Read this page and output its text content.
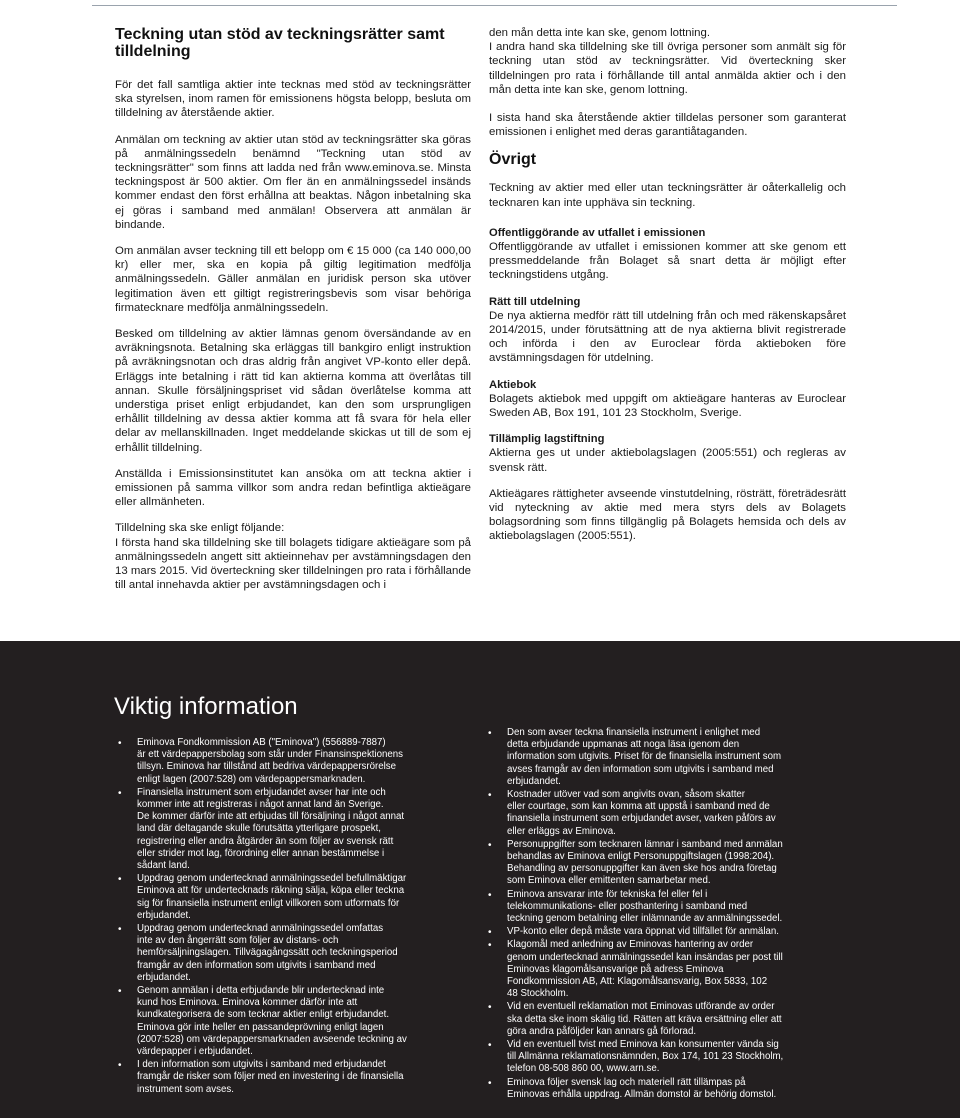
Teckning utan stöd av teckningsrätter samt tilldelning

För det fall samtliga aktier inte tecknas med stöd av teckningsrätter ska styrelsen, inom ramen för emissionens högsta belopp, besluta om tilldelning av återstående aktier.

Anmälan om teckning av aktier utan stöd av teckningsrätter ska göras på anmälningssedeln benämnd "Teckning utan stöd av teckningsrätter" som finns att ladda ned från www.eminova.se. Minsta teckningspost är 500 aktier. Om fler än en anmälningssedel insänds kommer endast den först erhållna att beaktas. Någon inbetalning ska ej göras i samband med anmälan! Observera att anmälan är bindande.

Om anmälan avser teckning till ett belopp om € 15 000 (ca 140 000,00 kr) eller mer, ska en kopia på giltig legitimation medfölja anmälningssedeln. Gäller anmälan en juridisk person ska utöver legitimation även ett giltigt registreringsbevis som visar behöriga firmatecknare medfölja anmälningssedeln.

Besked om tilldelning av aktier lämnas genom översändande av en avräkningsnota. Betalning ska erläggas till bankgiro enligt instruktion på avräkningsnotan och dras aldrig från angivet VP-konto eller depå. Erläggs inte betalning i rätt tid kan aktierna komma att överlåtas till annan. Skulle försäljningspriset vid sådan överlåtelse komma att understiga priset enligt erbjudandet, kan den som ursprungligen erhållit tilldelning av dessa aktier komma att få svara för hela eller delar av mellanskillnaden. Inget meddelande skickas ut till de som ej erhållit tilldelning.

Anställda i Emissionsinstitutet kan ansöka om att teckna aktier i emissionen på samma villkor som andra redan befintliga aktieägare eller allmänheten.

Tilldelning ska ske enligt följande:
I första hand ska tilldelning ske till bolagets tidigare aktieägare som på anmälningssedeln angett sitt aktieinnehav per avstämningsdagen den 13 mars 2015. Vid överteckning sker tilldelningen pro rata i förhållande till antal innehavda aktier per avstämningsdagen och i

den mån detta inte kan ske, genom lottning.
I andra hand ska tilldelning ske till övriga personer som anmält sig för teckning utan stöd av teckningsrätter. Vid överteckning sker tilldelningen pro rata i förhållande till antal anmälda aktier och i den mån detta inte kan ske, genom lottning.

I sista hand ska återstående aktier tilldelas personer som garanterat emissionen i enlighet med deras garantiåtaganden.

Övrigt

Teckning av aktier med eller utan teckningsrätter är oåterkallelig och tecknaren kan inte upphäva sin teckning.

Offentliggörande av utfallet i emissionen

Offentliggörande av utfallet i emissionen kommer att ske genom ett pressmeddelande från Bolaget så snart detta är möjligt efter teckningstidens utgång.

Rätt till utdelning

De nya aktierna medför rätt till utdelning från och med räkenskapsåret 2014/2015, under förutsättning att de nya aktierna blivit registrerade och införda i den av Euroclear förda aktieboken före avstämningsdagen för utdelning.

Aktiebok

Bolagets aktiebok med uppgift om aktieägare hanteras av Euroclear Sweden AB, Box 191, 101 23 Stockholm, Sverige.

Tillämplig lagstiftning

Aktierna ges ut under aktiebolagslagen (2005:551) och regleras av svensk rätt.

Aktieägares rättigheter avseende vinstutdelning, rösträtt, företrädesrätt vid nyteckning av aktie med mera styrs dels av Bolagets bolagsordning som finns tillgänglig på Bolagets hemsida och dels av aktiebolagslagen (2005:551).

Viktig information
• Eminova Fondkommission AB ("Eminova") (556889-7887)
är ett värdepappersbolag som står under Finansinspektionens
tillsyn. Eminova har tillstånd att bedriva värdepappersrörelse
enligt lagen (2007:528) om värdepappersmarknaden.
• Finansiella instrument som erbjudandet avser har inte och
kommer inte att registreras i något annat land än Sverige.
De kommer därför inte att erbjudas till försäljning i något annat
land där deltagande skulle förutsätta ytterligare prospekt,
registrering eller andra åtgärder än som följer av svensk rätt
eller strider mot lag, förordning eller annan bestämmelse i
sådant land.
• Uppdrag genom undertecknad anmälningssedel befullmäktigar
Eminova att för undertecknads räkning sälja, köpa eller teckna
sig för finansiella instrument enligt villkoren som utformats för
erbjudandet.
• Uppdrag genom undertecknad anmälningssedel omfattas
inte av den ångerrätt som följer av distans- och
hemförsäljningslagen. Tillvägagångssätt och teckningsperiod
framgår av den information som utgivits i samband med
erbjudandet.
• Genom anmälan i detta erbjudande blir undertecknad inte
kund hos Eminova. Eminova kommer därför inte att
kundkategorisera de som tecknar aktier enligt erbjudandet.
Eminova gör inte heller en passandeprövning enligt lagen
(2007:528) om värdepappersmarknaden avseende teckning av
värdepapper i erbjudandet.
• I den information som utgivits i samband med erbjudandet
framgår de risker som följer med en investering i de finansiella
instrument som avses.
• Den som avser teckna finansiella instrument i enlighet med
detta erbjudande uppmanas att noga läsa igenom den
information som utgivits. Priset för de finansiella instrument som
avses framgår av den information som utgivits i samband med
erbjudandet.
• Kostnader utöver vad som angivits ovan, såsom skatter
eller courtage, som kan komma att uppstå i samband med de
finansiella instrument som erbjudandet avser, varken påförs av
eller erläggs av Eminova.
• Personuppgifter som tecknaren lämnar i samband med anmälan
behandlas av Eminova enligt Personuppgiftslagen (1998:204).
Behandling av personuppgifter kan även ske hos andra företag
som Eminova eller emittenten samarbetar med.
• Eminova ansvarar inte för tekniska fel eller fel i
telekommunikations- eller posthantering i samband med
teckning genom betalning eller inlämnande av anmälningssedel.
• VP-konto eller depå måste vara öppnat vid tillfället för anmälan.
• Klagomål med anledning av Eminovas hantering av order
genom undertecknad anmälningssedel kan insändas per post till
Eminovas klagomålsansvarige på adress Eminova
Fondkommission AB, Att: Klagomålsansvarig, Box 5833, 102
48 Stockholm.
• Vid en eventuell reklamation mot Eminovas utförande av order
ska detta ske inom skälig tid. Rätten att kräva ersättning eller att
göra andra påföljder kan annars gå förlorad.
• Vid en eventuell tvist med Eminova kan konsumenter vända sig
till Allmänna reklamationsnämnden, Box 174, 101 23 Stockholm,
telefon 08-508 860 00, www.arn.se.
• Eminova följer svensk lag och materiell rätt tillämpas på
Eminovas erhålla uppdrag. Allmän domstol är behörig domstol.
